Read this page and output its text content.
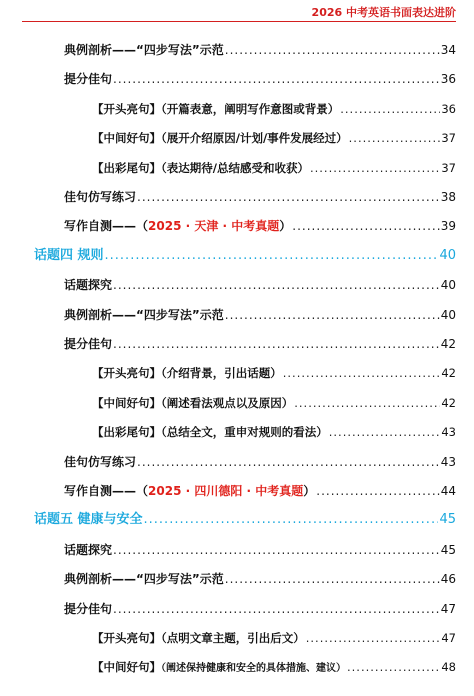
2026 中考英语书面表达进阶
典例剖析——“四步写法”示范 .....	34
提分佳句 .....	36
【开头亮句】（开篇表意，阐明写作意图或背景） .....	36
【中间好句】（展开介绍原因/计划/事件发展经过） .....	37
【出彩尾句】（表达期待/总结感受和收获） .....	37
佳句仿写练习 .....	38
写作自测——（2025 · 天津 · 中考真题） .....	39
话题四 规则 .....	40
话题探究 .....	40
典例剖析——“四步写法”示范 .....	40
提分佳句 .....	42
【开头亮句】（介绍背景，引出话题） .....	42
【中间好句】（阐述看法观点以及原因） .....	42
【出彩尾句】（总结全文，重申对规则的看法） .....	43
佳句仿写练习 .....	43
写作自测——（2025 · 四川德阳 · 中考真题） .....	44
话题五 健康与安全 .....	45
话题探究 .....	45
典例剖析——“四步写法”示范 .....	46
提分佳句 .....	47
【开头亮句】（点明文章主题，引出后文） .....	47
【中间好句】（阐述保持健康和安全的具体措施、建议） .....	48
